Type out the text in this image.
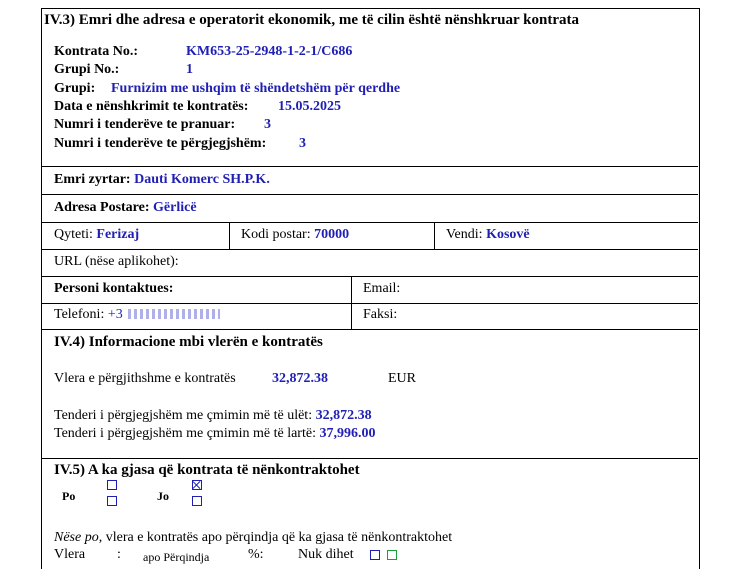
IV.3) Emri dhe adresa e operatorit ekonomik, me të cilin është nënshkruar kontrata
Kontrata No.:	KM653-25-2948-1-2-1/C686
Grupi No.:	1
Grupi: Furnizim me ushqim të shëndetshëm për qerdhe
Data e nënshkrimit te kontratës: 15.05.2025
Numri i tenderëve te pranuar: 3
Numri i tenderëve te përgjegjshëm: 3
Emri zyrtar: Dauti Komerc SH.P.K.
Adresa Postare: Gërlicë
Qyteti: Ferizaj	Kodi postar: 70000	Vendi: Kosovë
URL (nëse aplikohet):
Personi kontaktues:	Email:
Telefoni: +3	Faksi:
IV.4) Informacione mbi vlerën e kontratës
Vlera e përgjithshme e kontratës	32,872.38	EUR
Tenderi i përgjegjshëm me çmimin më të ulët: 32,872.38
Tenderi i përgjegjshëm me çmimin më të lartë: 37,996.00
IV.5) A ka gjasa që kontrata të nënkontraktohet
Po	Jo
Nëse po, vlera e kontratës apo përqindja që ka gjasa të nënkontraktohet
Vlera : apo Përqindja	%: Nuk dihet
